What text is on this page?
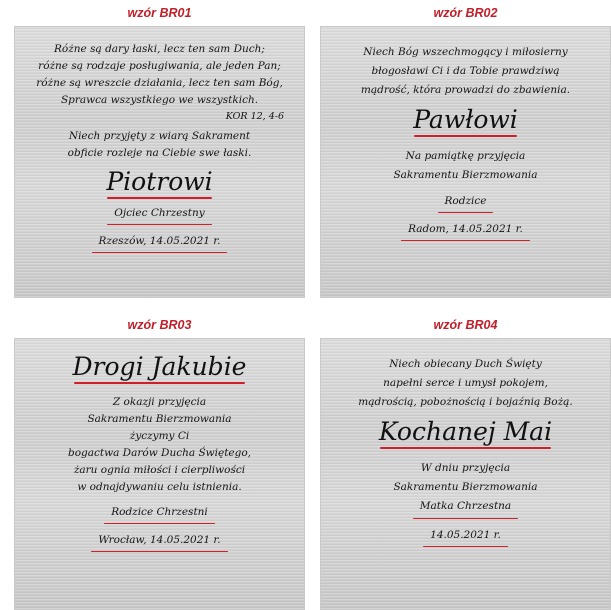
wzór BR01
Różne są dary łaski, lecz ten sam Duch;
różne są rodzaje posługiwania, ale jeden Pan;
różne są wreszcie działania, lecz ten sam Bóg,
Sprawca wszystkiego we wszystkich.
KOR 12, 4-6
Niech przyjęty z wiarą Sakrament
obficie rozleje na Ciebie swe łaski.
Piotrowi
Ojciec Chrzestny
Rzeszów, 14.05.2021 r.
wzór BR02
Niech Bóg wszechmogący i miłosierny
błogosławi Ci i da Tobie prawdziwą
mądrość, która prowadzi do zbawienia.
Pawłowi
Na pamiątkę przyjęcia
Sakramentu Bierzmowania
Rodzice
Radom, 14.05.2021 r.
wzór BR03
Drogi Jakubie
Z okazji przyjęcia
Sakramentu Bierzmowania
życzymy Ci
bogactwa Darów Ducha Świętego,
żaru ognia miłości i cierpliwości
w odnajdywaniu celu istnienia.
Rodzice Chrzestni
Wrocław, 14.05.2021 r.
wzór BR04
Niech obiecany Duch Święty
napełni serce i umysł pokojem,
mądrością, pobożnością i bojaźnią Bożą.
Kochanej Mai
W dniu przyjęcia
Sakramentu Bierzmowania
Matka Chrzestna
14.05.2021 r.
